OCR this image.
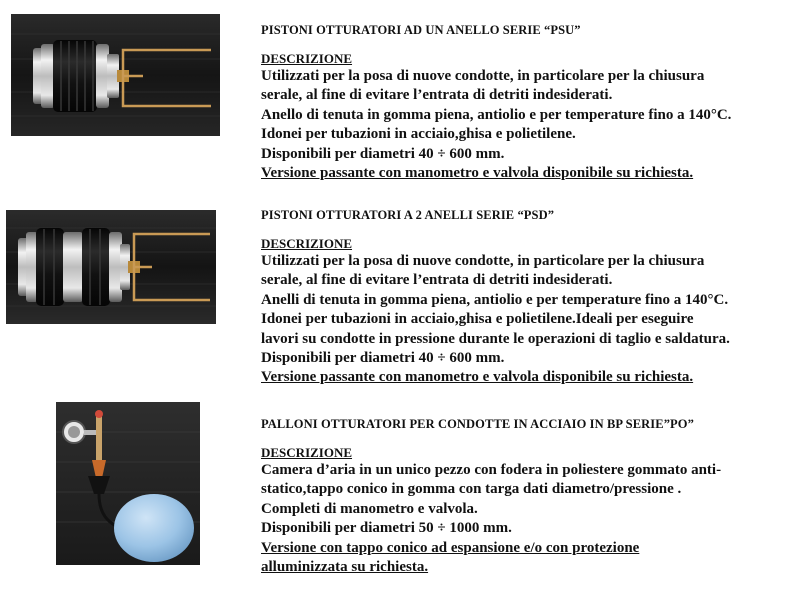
PISTONI OTTURATORI AD UN ANELLO SERIE “PSU”

DESCRIZIONE

Utilizzati per la posa di nuove condotte, in particolare per la chiusura
serale, al fine di evitare l’entrata di detriti indesiderati.
Anello di tenuta in gomma piena, antiolio e per temperature fino a 140°C.
Idonei per tubazioni in acciaio,ghisa e polietilene.
Disponibili per diametri 40 ÷ 600 mm.
Versione passante con manometro e valvola disponibile su richiesta.

PISTONI OTTURATORI A 2 ANELLI SERIE “PSD”

DESCRIZIONE

Utilizzati per la posa di nuove condotte, in particolare per la chiusura
serale, al fine di evitare l’entrata di detriti indesiderati.
Anelli di tenuta in gomma piena, antiolio e per temperature fino a 140°C.
Idonei per tubazioni in acciaio,ghisa e polietilene.Ideali per eseguire
lavori su condotte in pressione durante le operazioni di taglio e saldatura.
Disponibili per diametri 40 ÷ 600 mm.
Versione passante con manometro e valvola disponibile su richiesta.

PALLONI OTTURATORI PER CONDOTTE IN ACCIAIO IN BP SERIE”PO”

DESCRIZIONE

Camera d’aria in un unico pezzo con fodera in poliestere gommato anti-
statico,tappo conico in gomma con targa dati diametro/pressione .
Completi di manometro e valvola.
Disponibili per diametri 50 ÷ 1000 mm.
Versione con tappo conico ad espansione e/o con protezione
alluminizzata su richiesta.
